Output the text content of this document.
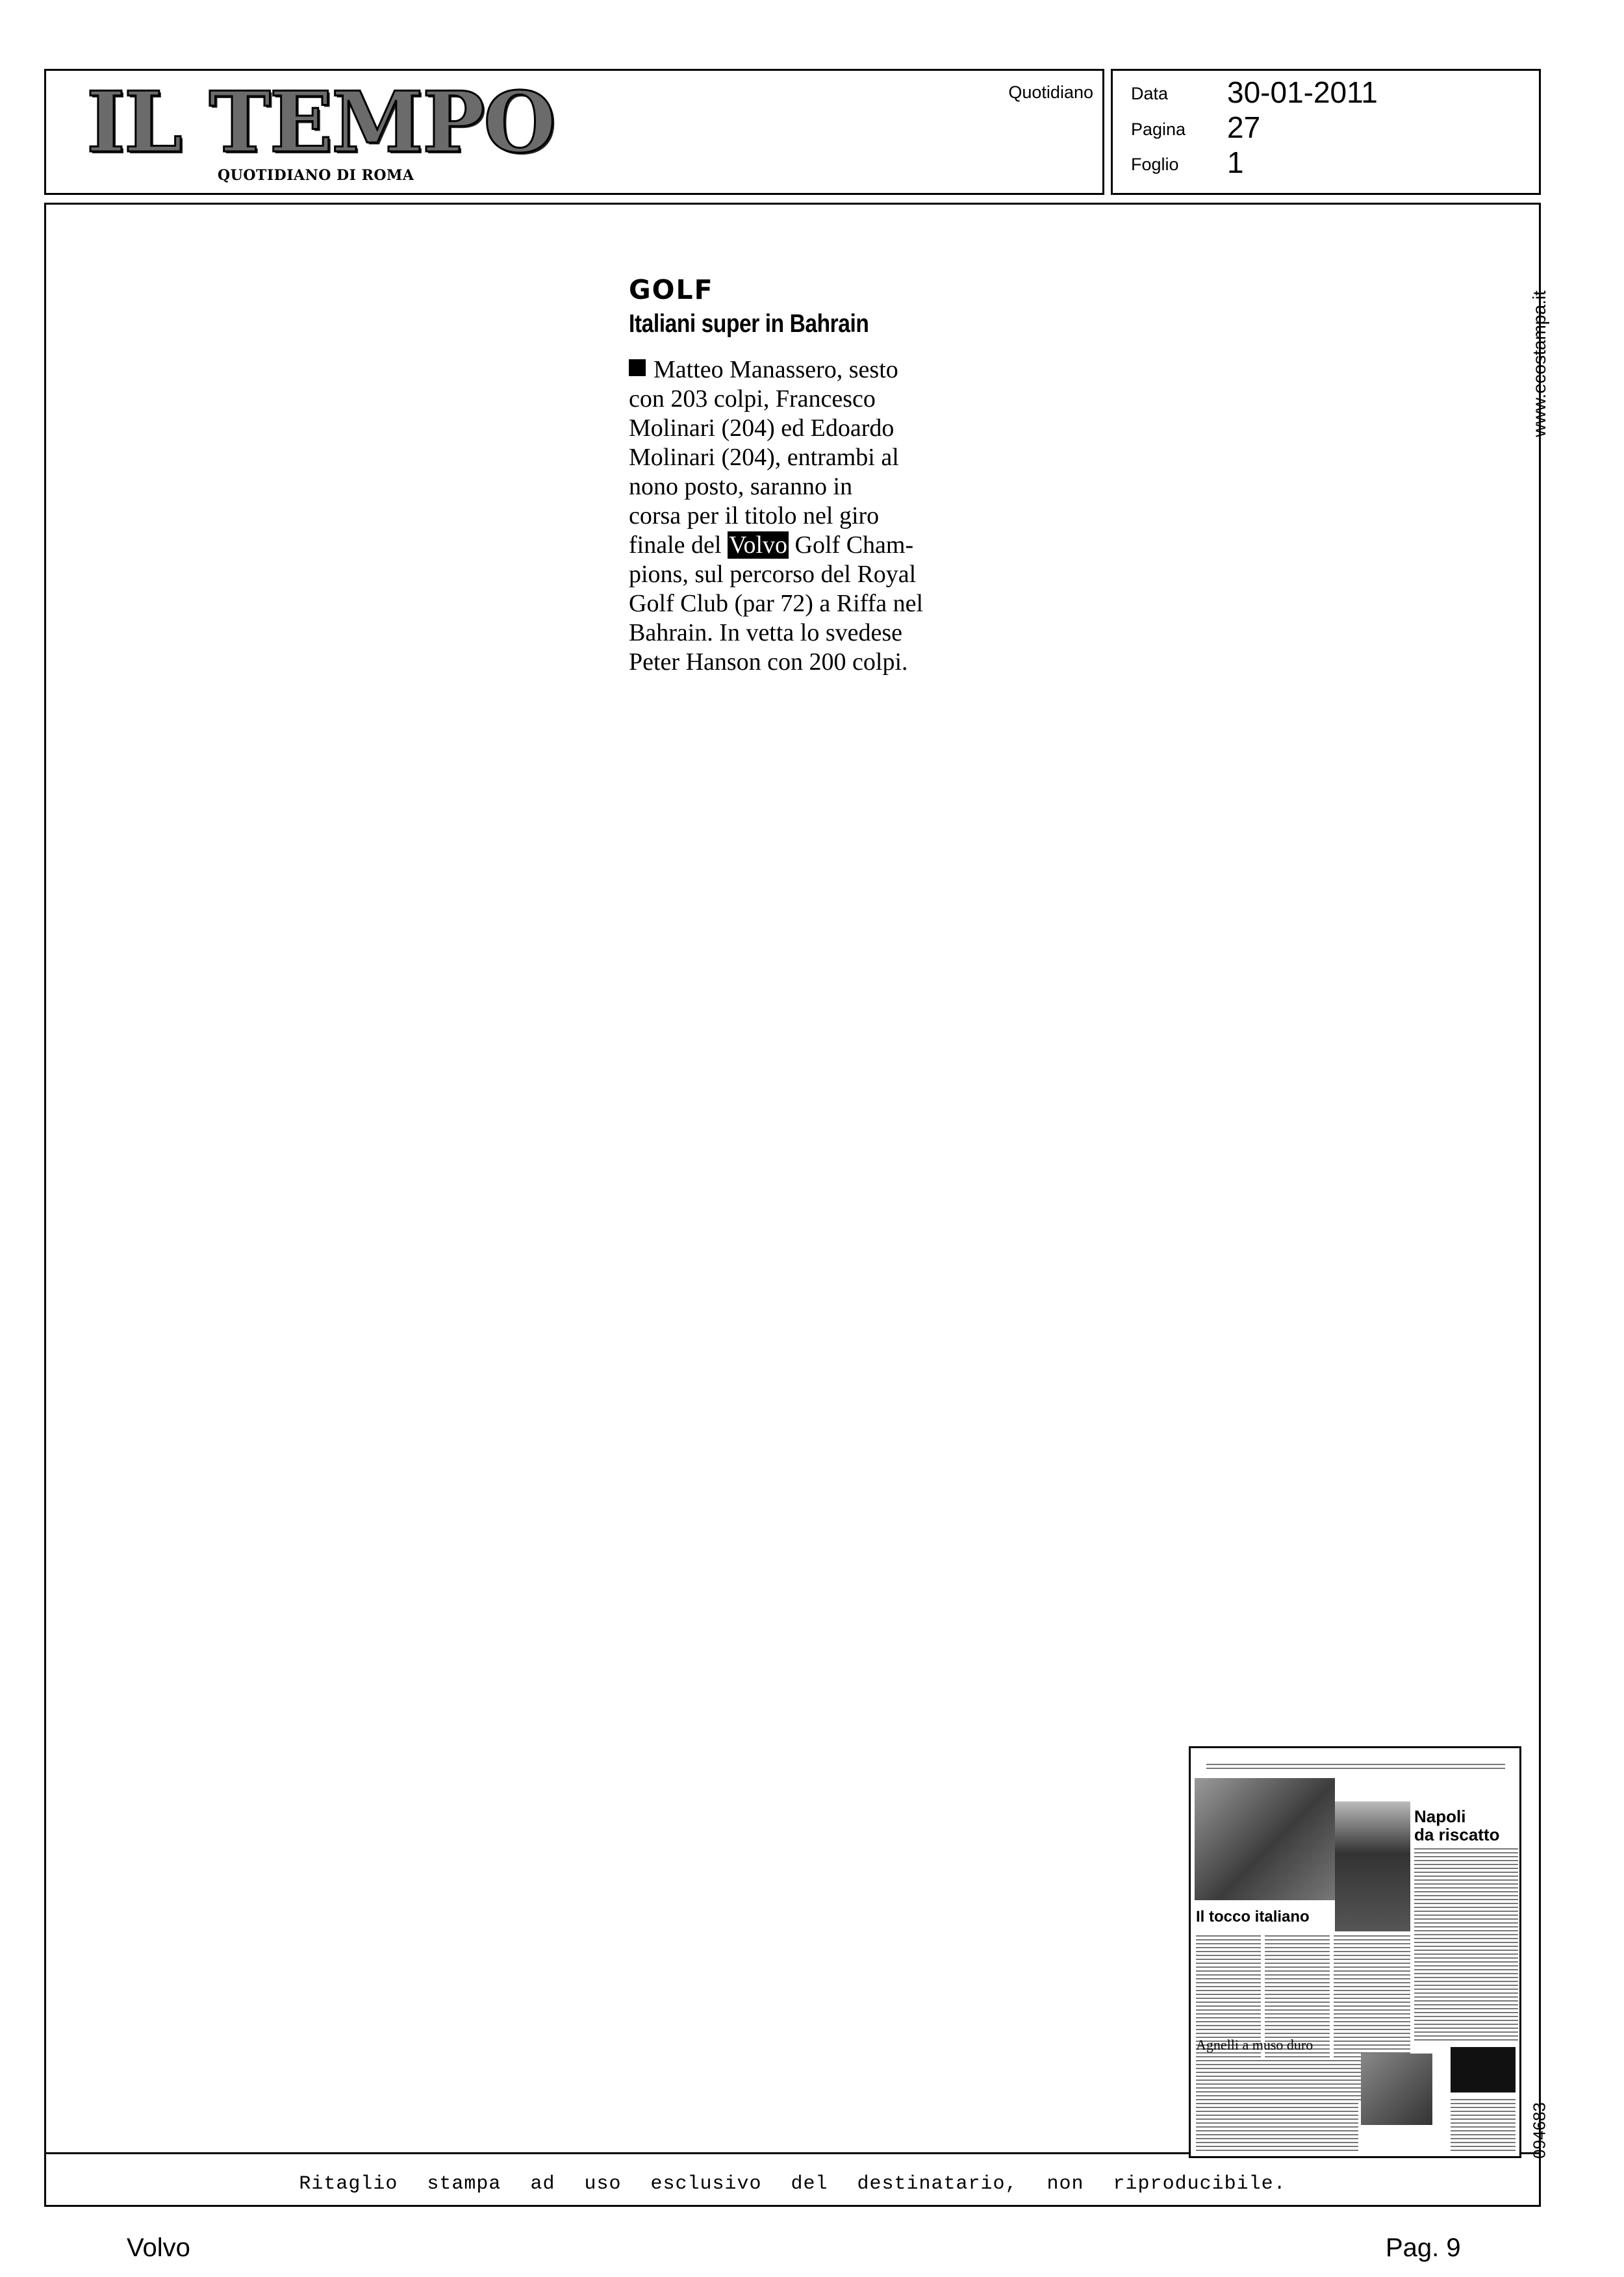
IL TEMPO
QUOTIDIANO DI ROMA
Quotidiano Data 30-01-2011
Pagina 27
Foglio 1
Ritaglio stampa ad uso esclusivo del destinatario, non riproducibile.
GOLF
Italiani super in Bahrain
Matteo Manassero, sesto
con 203 colpi, Francesco
Molinari (204) ed Edoardo
Molinari (204), entrambi al
nono posto, saranno in
corsa per il titolo nel giro
finale del Volvo Golf Cham-
pions, sul percorso del Royal
Golf Club (par 72) a Riffa nel
Bahrain. In vetta lo svedese
Peter Hanson con 200 colpi.
www.ecostampa.it
094683
Napoli
da riscatto
Il tocco italiano
Agnelli a muso duro
Volvo	Pag. 9
